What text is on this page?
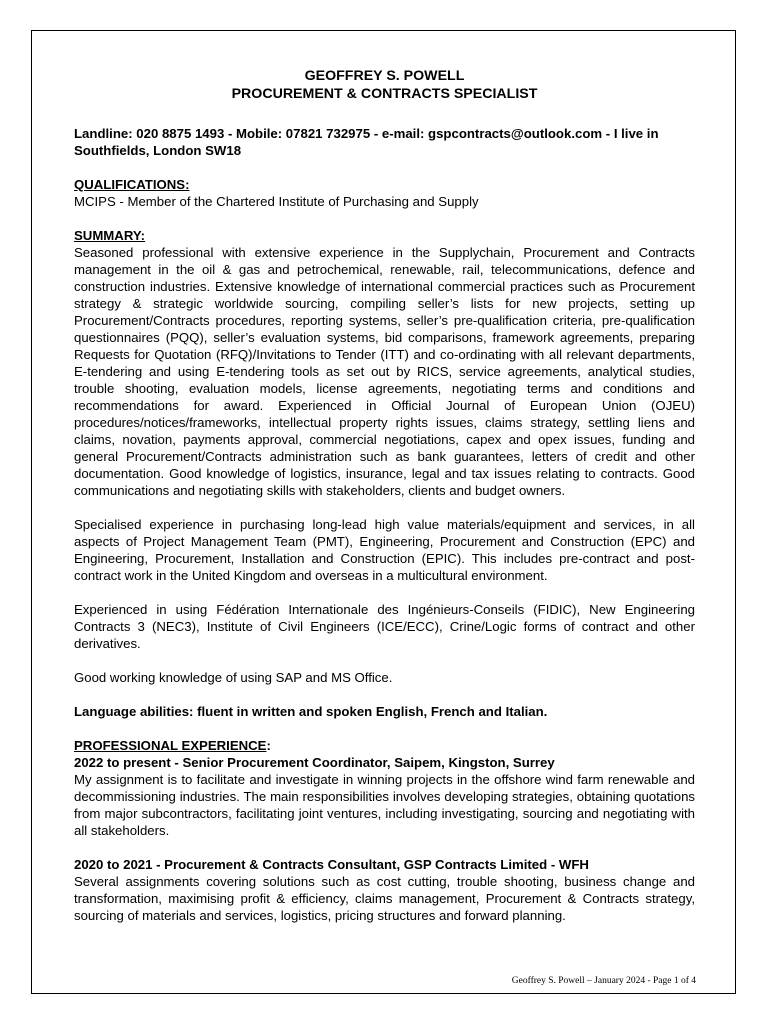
GEOFFREY S. POWELL

PROCUREMENT & CONTRACTS SPECIALIST

Landline: 020 8875 1493 - Mobile: 07821 732975 - e-mail: gspcontracts@outlook.com - I live in Southfields, London SW18

QUALIFICATIONS:

MCIPS - Member of the Chartered Institute of Purchasing and Supply

SUMMARY:

Seasoned professional with extensive experience in the Supplychain, Procurement and Contracts management in the oil & gas and petrochemical, renewable, rail, telecommunications, defence and construction industries. Extensive knowledge of international commercial practices such as Procurement strategy & strategic worldwide sourcing, compiling seller’s lists for new projects, setting up Procurement/Contracts procedures, reporting systems, seller’s pre-qualification criteria, pre-qualification questionnaires (PQQ), seller’s evaluation systems, bid comparisons, framework agreements, preparing Requests for Quotation (RFQ)/Invitations to Tender (ITT) and co-ordinating with all relevant departments, E-tendering and using E-tendering tools as set out by RICS, service agreements, analytical studies, trouble shooting, evaluation models, license agreements, negotiating terms and conditions and recommendations for award. Experienced in Official Journal of European Union (OJEU) procedures/notices/frameworks, intellectual property rights issues, claims strategy, settling liens and claims, novation, payments approval, commercial negotiations, capex and opex issues, funding and general Procurement/Contracts administration such as bank guarantees, letters of credit and other documentation. Good knowledge of logistics, insurance, legal and tax issues relating to contracts. Good communications and negotiating skills with stakeholders, clients and budget owners.

Specialised experience in purchasing long-lead high value materials/equipment and services, in all aspects of Project Management Team (PMT), Engineering, Procurement and Construction (EPC) and Engineering, Procurement, Installation and Construction (EPIC). This includes pre-contract and post-contract work in the United Kingdom and overseas in a multicultural environment.

Experienced in using Fédération Internationale des Ingénieurs-Conseils (FIDIC), New Engineering Contracts 3 (NEC3), Institute of Civil Engineers (ICE/ECC), Crine/Logic forms of contract and other derivatives.

Good working knowledge of using SAP and MS Office.

Language abilities: fluent in written and spoken English, French and Italian.

PROFESSIONAL EXPERIENCE:

2022 to present - Senior Procurement Coordinator, Saipem, Kingston, Surrey

My assignment is to facilitate and investigate in winning projects in the offshore wind farm renewable and decommissioning industries. The main responsibilities involves developing strategies, obtaining quotations from major subcontractors, facilitating joint ventures, including investigating, sourcing and negotiating with all stakeholders.

2020 to 2021 - Procurement & Contracts Consultant, GSP Contracts Limited - WFH

Several assignments covering solutions such as cost cutting, trouble shooting, business change and transformation, maximising profit & efficiency, claims management, Procurement & Contracts strategy, sourcing of materials and services, logistics, pricing structures and forward planning.

Geoffrey S. Powell – January 2024 - Page 1 of 4
